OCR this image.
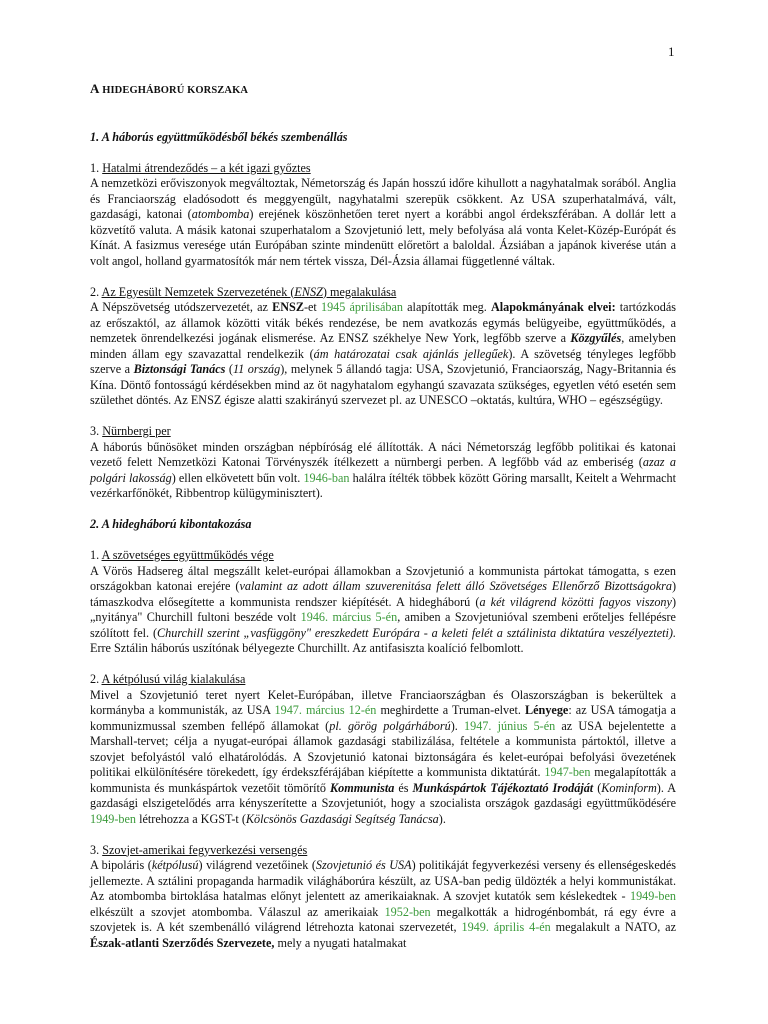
1

A HIDEGHÁBORÚ KORSZAKA

1. A háborús együttműködésből békés szembenállás

1. Hatalmi átrendeződés – a két igazi győztes

A nemzetközi erőviszonyok megváltoztak, Németország és Japán hosszú időre kihullott a nagyhatalmak sorából. Anglia és Franciaország eladósodott és meggyengült, nagyhatalmi szerepük csökkent. Az USA szuperhatalmává, vált, gazdasági, katonai (atombomba) erejének köszönhetően teret nyert a korábbi angol érdekszférában. A dollár lett a közvetítő valuta. A másik katonai szuperhatalom a Szovjetunió lett, mely befolyása alá vonta Kelet-Közép-Európát és Kínát. A fasizmus veresége után Európában szinte mindenütt előretört a baloldal. Ázsiában a japánok kiverése után a volt angol, holland gyarmatosítók már nem tértek vissza, Dél-Ázsia államai függetlenné váltak.

2. Az Egyesült Nemzetek Szervezetének (ENSZ) megalakulása

A Népszövetség utódszervezetét, az ENSZ-et 1945 áprilisában alapították meg. Alapokmányának elvei: tartózkodás az erőszaktól, az államok közötti viták békés rendezése, be nem avatkozás egymás belügyeibe, együttműködés, a nemzetek önrendelkezési jogának elismerése. Az ENSZ székhelye New York, legfőbb szerve a Közgyűlés, amelyben minden állam egy szavazattal rendelkezik (ám határozatai csak ajánlás jellegűek). A szövetség tényleges legfőbb szerve a Biztonsági Tanács (11 ország), melynek 5 állandó tagja: USA, Szovjetunió, Franciaország, Nagy-Britannia és Kína. Döntő fontosságú kérdésekben mind az öt nagyhatalom egyhangú szavazata szükséges, egyetlen vétó esetén sem születhet döntés. Az ENSZ égisze alatti szakirányú szervezet pl. az UNESCO –oktatás, kultúra, WHO – egészségügy.

3. Nürnbergi per

A háborús bűnösöket minden országban népbíróság elé állították. A náci Németország legfőbb politikai és katonai vezető felett Nemzetközi Katonai Törvényszék ítélkezett a nürnbergi perben. A legfőbb vád az emberiség (azaz a polgári lakosság) ellen elkövetett bűn volt. 1946-ban halálra ítélték többek között Göring marsallt, Keitelt a Wehrmacht vezérkarfőnökét, Ribbentrop külügyminisztert).

2. A hidegháború kibontakozása

1. A szövetséges együttműködés vége

A Vörös Hadsereg által megszállt kelet-európai államokban a Szovjetunió a kommunista pártokat támogatta, s ezen országokban katonai erejére (valamint az adott állam szuverenitása felett álló Szövetséges Ellenőrző Bizottságokra) támaszkodva elősegítette a kommunista rendszer kiépítését. A hidegháború (a két világrend közötti fagyos viszony) „nyitánya" Churchill fultoni beszéde volt 1946. március 5-én, amiben a Szovjetunióval szembeni erőteljes fellépésre szólított fel. (Churchill szerint „vasfüggöny" ereszkedett Európára - a keleti felét a sztálinista diktatúra veszélyezteti). Erre Sztálin háborús uszítónak bélyegezte Churchillt. Az antifasiszta koalíció felbomlott.

2. A kétpólusú világ kialakulása

Mivel a Szovjetunió teret nyert Kelet-Európában, illetve Franciaországban és Olaszországban is bekerültek a kormányba a kommunisták, az USA 1947. március 12-én meghirdette a Truman-elvet. Lényege: az USA támogatja a kommunizmussal szemben fellépő államokat (pl. görög polgárháború). 1947. június 5-én az USA bejelentette a Marshall-tervet; célja a nyugat-európai államok gazdasági stabilizálása, feltétele a kommunista pártoktól, illetve a szovjet befolyástól való elhatárolódás. A Szovjetunió katonai biztonságára és kelet-európai befolyási övezetének politikai elkülönítésére törekedett, így érdekszférájában kiépítette a kommunista diktatúrát. 1947-ben megalapították a kommunista és munkáspártok vezetőit tömörítő Kommunista és Munkáspártok Tájékoztató Irodáját (Kominform). A gazdasági elszigetelődés arra kényszerítette a Szovjetuniót, hogy a szocialista országok gazdasági együttműködésére 1949-ben létrehozza a KGST-t (Kölcsönös Gazdasági Segítség Tanácsa).

3. Szovjet-amerikai fegyverkezési versengés

A bipoláris (kétpólusú) világrend vezetőinek (Szovjetunió és USA) politikáját fegyverkezési verseny és ellenségeskedés jellemezte. A sztálini propaganda harmadik világháborúra készült, az USA-ban pedig üldözték a helyi kommunistákat. Az atombomba birtoklása hatalmas előnyt jelentett az amerikaiaknak. A szovjet kutatók sem késlekedtek - 1949-ben elkészült a szovjet atombomba. Válaszul az amerikaiak 1952-ben megalkották a hidrogénbombát, rá egy évre a szovjetek is. A két szembenálló világrend létrehozta katonai szervezetét, 1949. április 4-én megalakult a NATO, az Észak-atlanti Szerződés Szervezete, mely a nyugati hatalmakat
